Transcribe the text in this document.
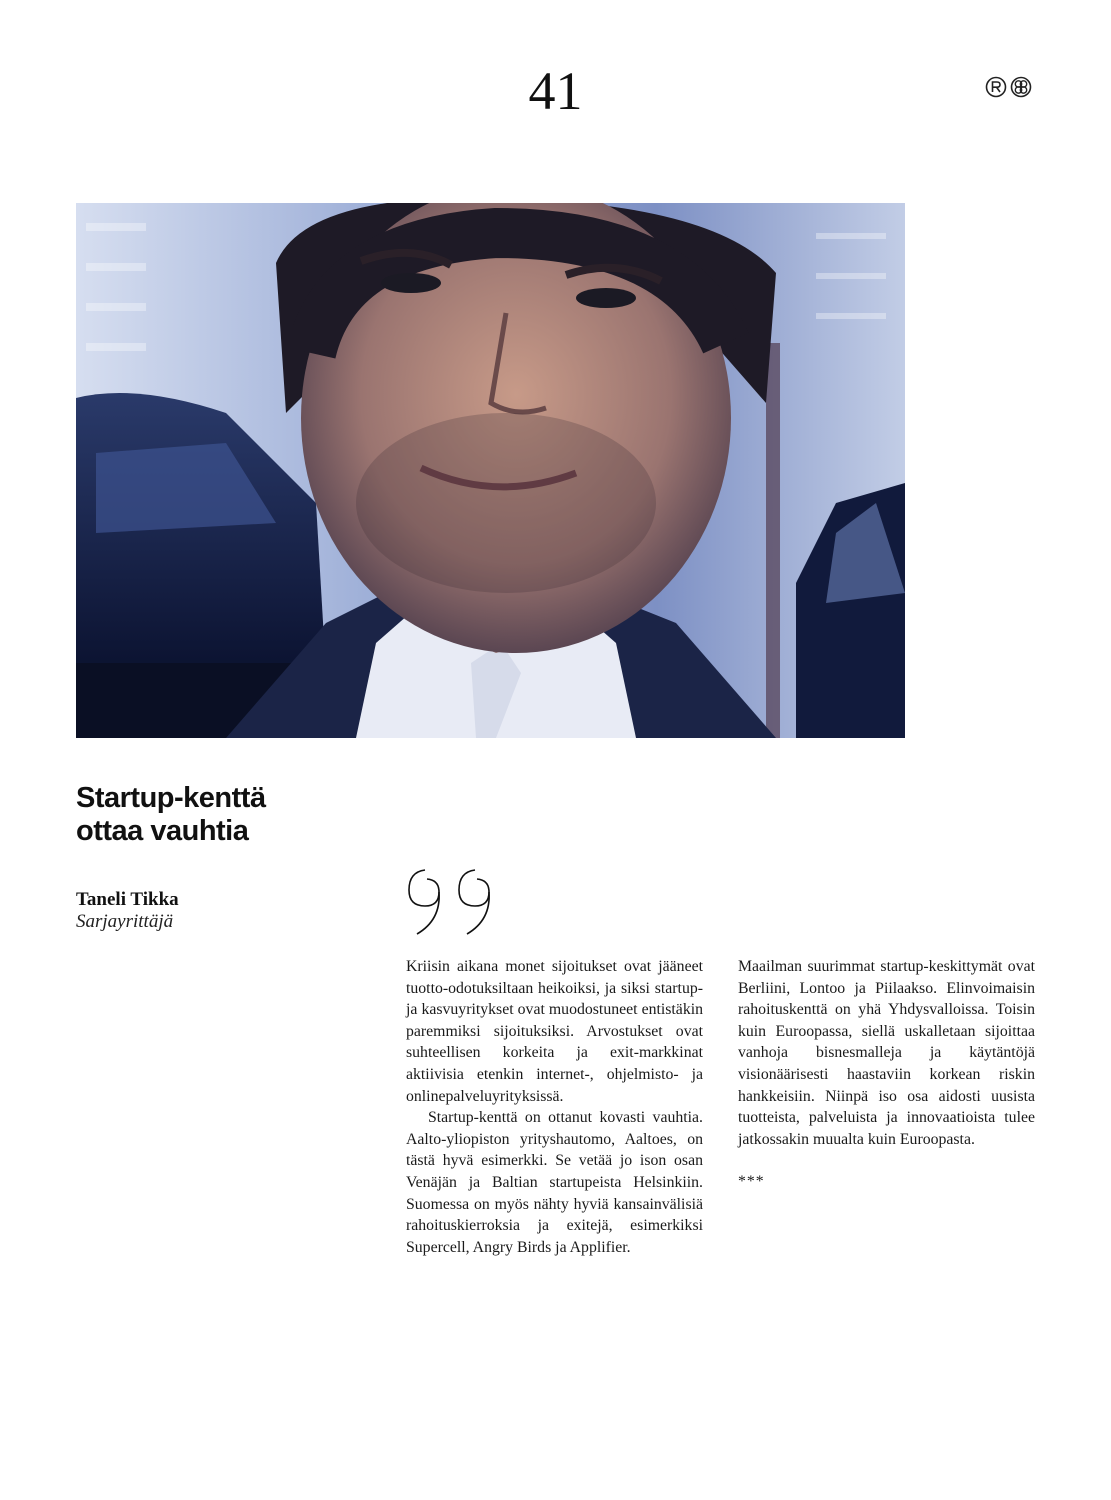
41
Startup-kenttä
ottaa vauhtia

Taneli Tikka

Sarjayrittäjä

Kriisin aikana monet sijoitukset ovat jääneet tuotto-odotuksiltaan heikoiksi, ja siksi startup- ja kasvuyritykset ovat muodostuneet entistäkin paremmiksi sijoituksiksi. Arvostukset ovat suhteellisen korkeita ja exit-markkinat aktiivisia etenkin internet-, ohjelmisto- ja onlinepalveluyrityksissä.

Startup-kenttä on ottanut kovasti vauhtia. Aalto-yliopiston yrityshautomo, Aaltoes, on tästä hyvä esimerkki. Se vetää jo ison osan Venäjän ja Baltian startupeista Helsinkiin. Suomessa on myös nähty hyviä kansainvälisiä rahoituskierroksia ja exitejä, esimerkiksi Supercell, Angry Birds ja Applifier.

Maailman suurimmat startup-keskittymät ovat Berliini, Lontoo ja Piilaakso. Elinvoimaisin rahoituskenttä on yhä Yhdysvalloissa. Toisin kuin Euroopassa, siellä uskalletaan sijoittaa vanhoja bisnesmalleja ja käytäntöjä visionäärisesti haastaviin korkean riskin hankkeisiin. Niinpä iso osa aidosti uusista tuotteista, palveluista ja innovaatioista tulee jatkossakin muualta kuin Euroopasta.

***
